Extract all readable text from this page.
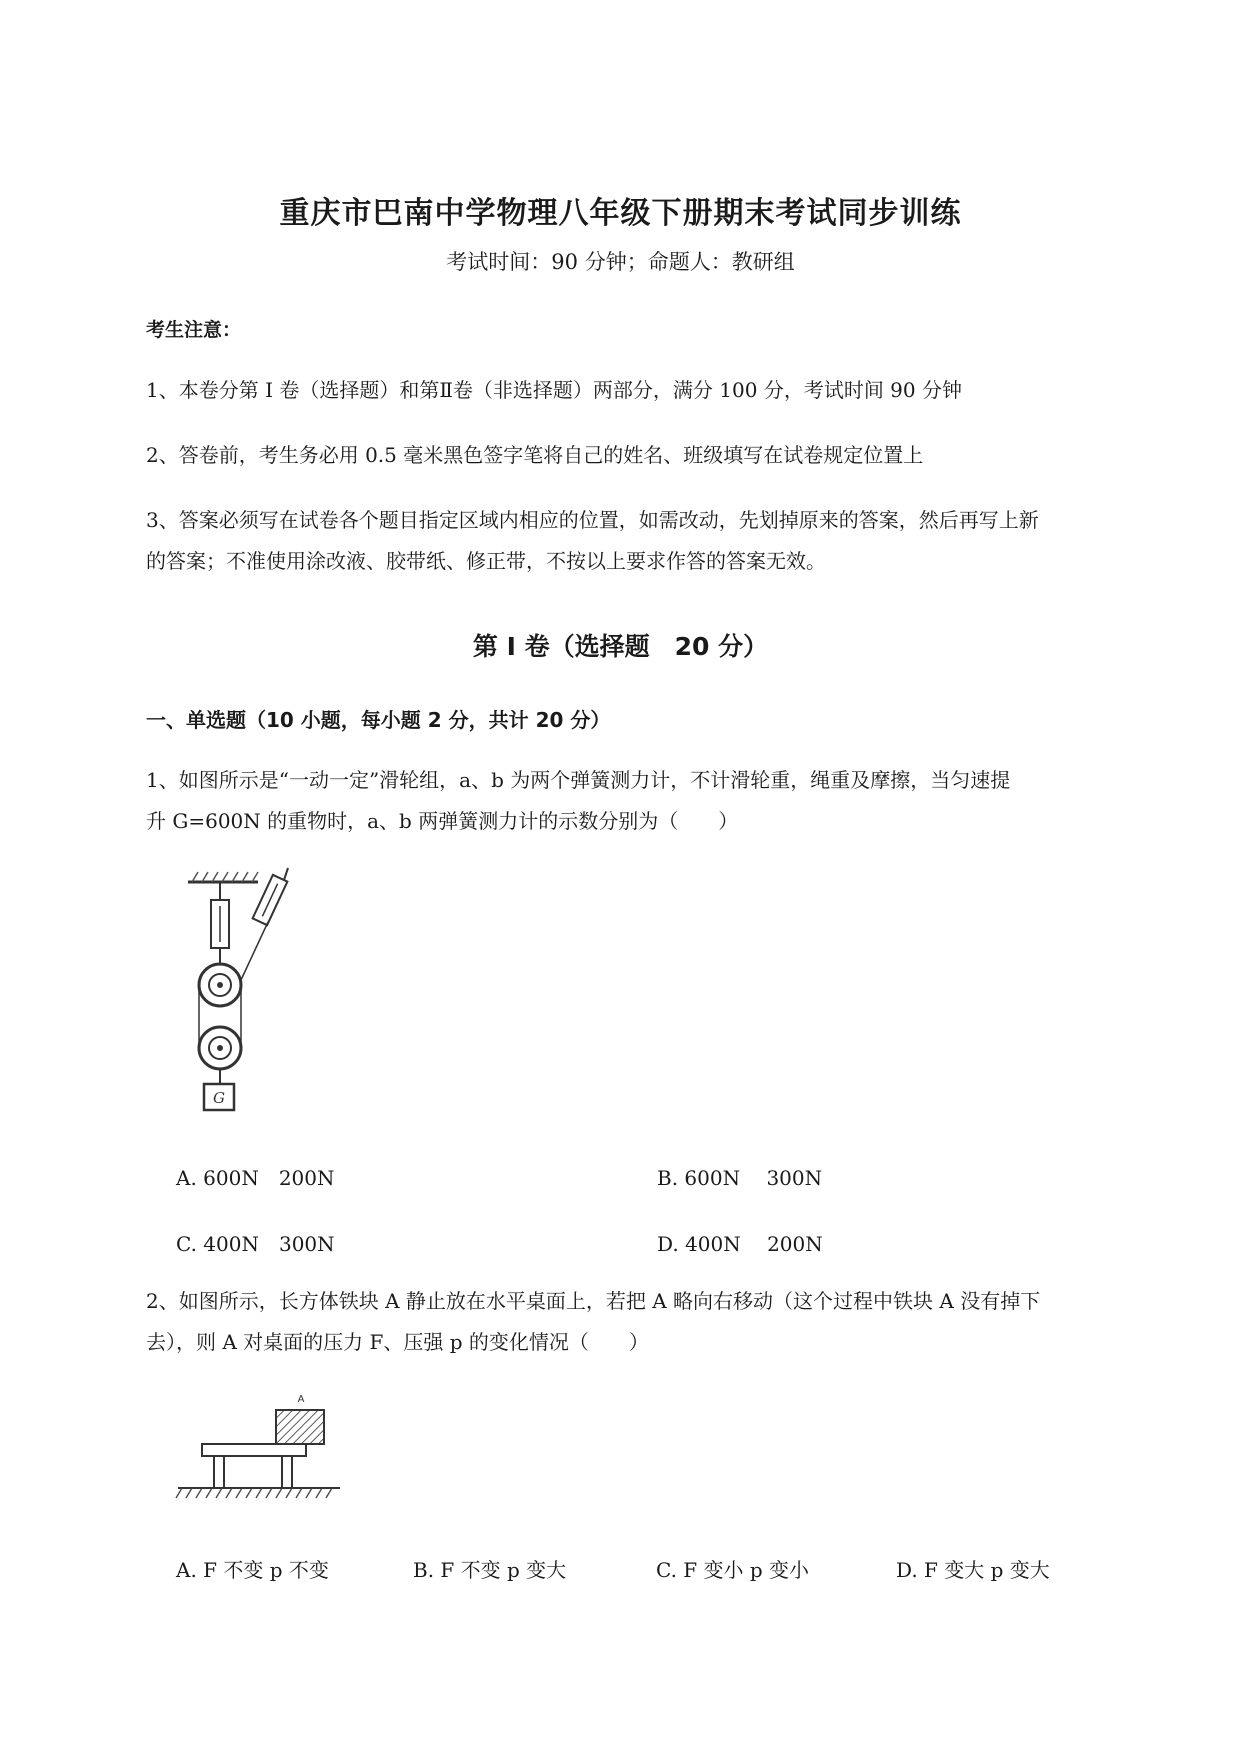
重庆市巴南中学物理八年级下册期末考试同步训练
考试时间：90 分钟；命题人：教研组
考生注意：
1、本卷分第 I 卷（选择题）和第Ⅱ卷（非选择题）两部分，满分 100 分，考试时间 90 分钟
2、答卷前，考生务必用 0.5 毫米黑色签字笔将自己的姓名、班级填写在试卷规定位置上
3、答案必须写在试卷各个题目指定区域内相应的位置，如需改动，先划掉原来的答案，然后再写上新
的答案；不准使用涂改液、胶带纸、修正带，不按以上要求作答的答案无效。
第 I 卷（选择题　20 分）
一、单选题（10 小题，每小题 2 分，共计 20 分）
1、如图所示是“一动一定”滑轮组，a、b 为两个弹簧测力计，不计滑轮重，绳重及摩擦，当匀速提
升 G=600N 的重物时，a、b 两弹簧测力计的示数分别为（　　）
G
A. 600N　200N	B. 600N　 300N
C. 400N　300N	D. 400N　 200N
2、如图所示，长方体铁块 A 静止放在水平桌面上，若把 A 略向右移动（这个过程中铁块 A 没有掉下
去），则 A 对桌面的压力 F、压强 p 的变化情况（　　）
A
A. F 不变 p 不变	B. F 不变 p 变大	C. F 变小 p 变小	D. F 变大 p 变大
